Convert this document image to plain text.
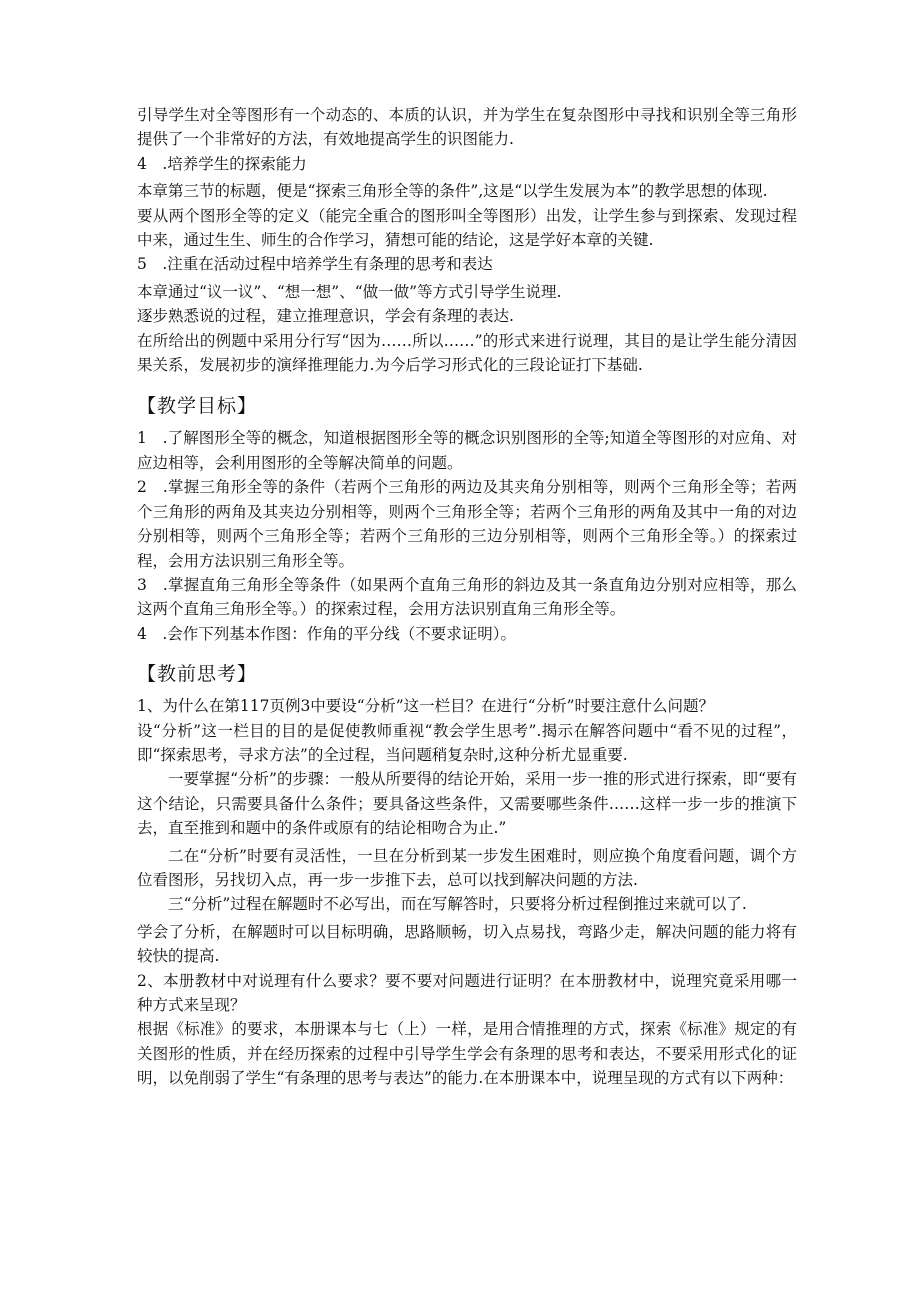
引导学生对全等图形有一个动态的、本质的认识，并为学生在复杂图形中寻找和识别全等三角形提供了一个非常好的方法，有效地提高学生的识图能力.

4　.培养学生的探索能力

本章第三节的标题，便是“探索三角形全等的条件”,这是“以学生发展为本”的教学思想的体现.

要从两个图形全等的定义（能完全重合的图形叫全等图形）出发，让学生参与到探索、发现过程中来，通过生生、师生的合作学习，猜想可能的结论，这是学好本章的关键.

5　.注重在活动过程中培养学生有条理的思考和表达

本章通过“议一议”、“想一想”、“做一做”等方式引导学生说理.

逐步熟悉说的过程，建立推理意识，学会有条理的表达.

在所给出的例题中采用分行写“因为……所以……”的形式来进行说理，其目的是让学生能分清因果关系，发展初步的演绎推理能力.为今后学习形式化的三段论证打下基础.

【教学目标】

1　.了解图形全等的概念，知道根据图形全等的概念识别图形的全等;知道全等图形的对应角、对应边相等，会利用图形的全等解决简单的问题。

2　.掌握三角形全等的条件（若两个三角形的两边及其夹角分别相等，则两个三角形全等；若两个三角形的两角及其夹边分别相等，则两个三角形全等；若两个三角形的两角及其中一角的对边分别相等，则两个三角形全等；若两个三角形的三边分别相等，则两个三角形全等。）的探索过程，会用方法识别三角形全等。

3　.掌握直角三角形全等条件（如果两个直角三角形的斜边及其一条直角边分别对应相等，那么这两个直角三角形全等。）的探索过程，会用方法识别直角三角形全等。

4　.会作下列基本作图：作角的平分线（不要求证明）。

【教前思考】

1、为什么在第117页例3中要设“分析”这一栏目？在进行“分析”时要注意什么问题？

设“分析”这一栏目的目的是促使教师重视“教会学生思考”.揭示在解答问题中“看不见的过程”，即“探索思考，寻求方法”的全过程，当问题稍复杂时,这种分析尤显重要.

一要掌握“分析”的步骤：一般从所要得的结论开始，采用一步一推的形式进行探索，即“要有这个结论，只需要具备什么条件；要具备这些条件，又需要哪些条件……这样一步一步的推演下去，直至推到和题中的条件或原有的结论相吻合为止.”

二在“分析”时要有灵活性，一旦在分析到某一步发生困难时，则应换个角度看问题，调个方位看图形，另找切入点，再一步一步推下去，总可以找到解决问题的方法.

三“分析”过程在解题时不必写出，而在写解答时，只要将分析过程倒推过来就可以了.

学会了分析，在解题时可以目标明确，思路顺畅，切入点易找，弯路少走，解决问题的能力将有较快的提高.

2、本册教材中对说理有什么要求？要不要对问题进行证明？在本册教材中，说理究竟采用哪一种方式来呈现？

根据《标准》的要求，本册课本与七（上）一样，是用合情推理的方式，探索《标准》规定的有关图形的性质，并在经历探索的过程中引导学生学会有条理的思考和表达，不要采用形式化的证明，以免削弱了学生“有条理的思考与表达”的能力.在本册课本中，说理呈现的方式有以下两种：
